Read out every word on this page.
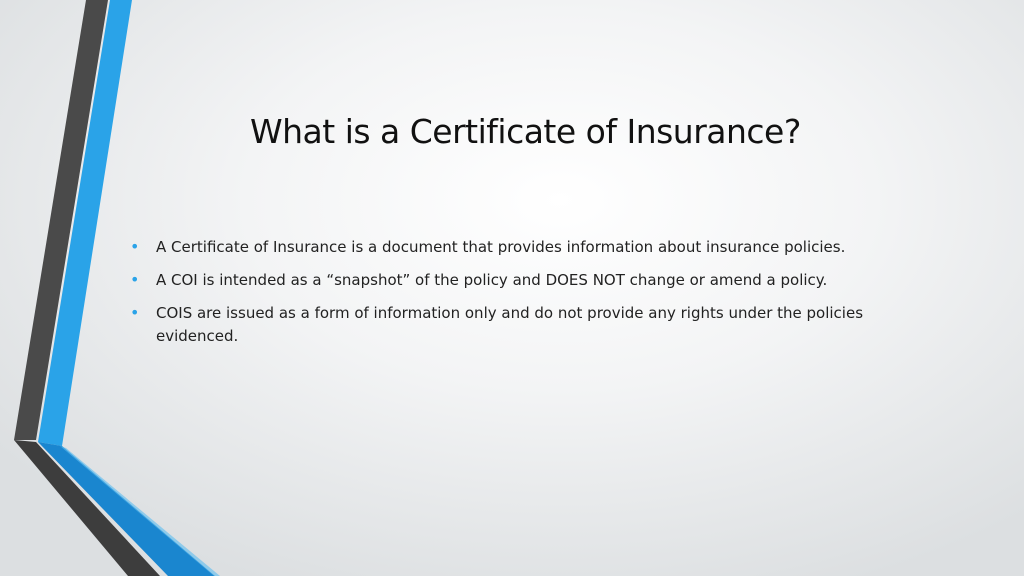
What is a Certificate of Insurance?
• A Certificate of Insurance is a document that provides information about insurance policies.
• A COI is intended as a “snapshot” of the policy and DOES NOT change or amend a policy.
• COIS are issued as a form of information only and do not provide any rights under the policies evidenced.
